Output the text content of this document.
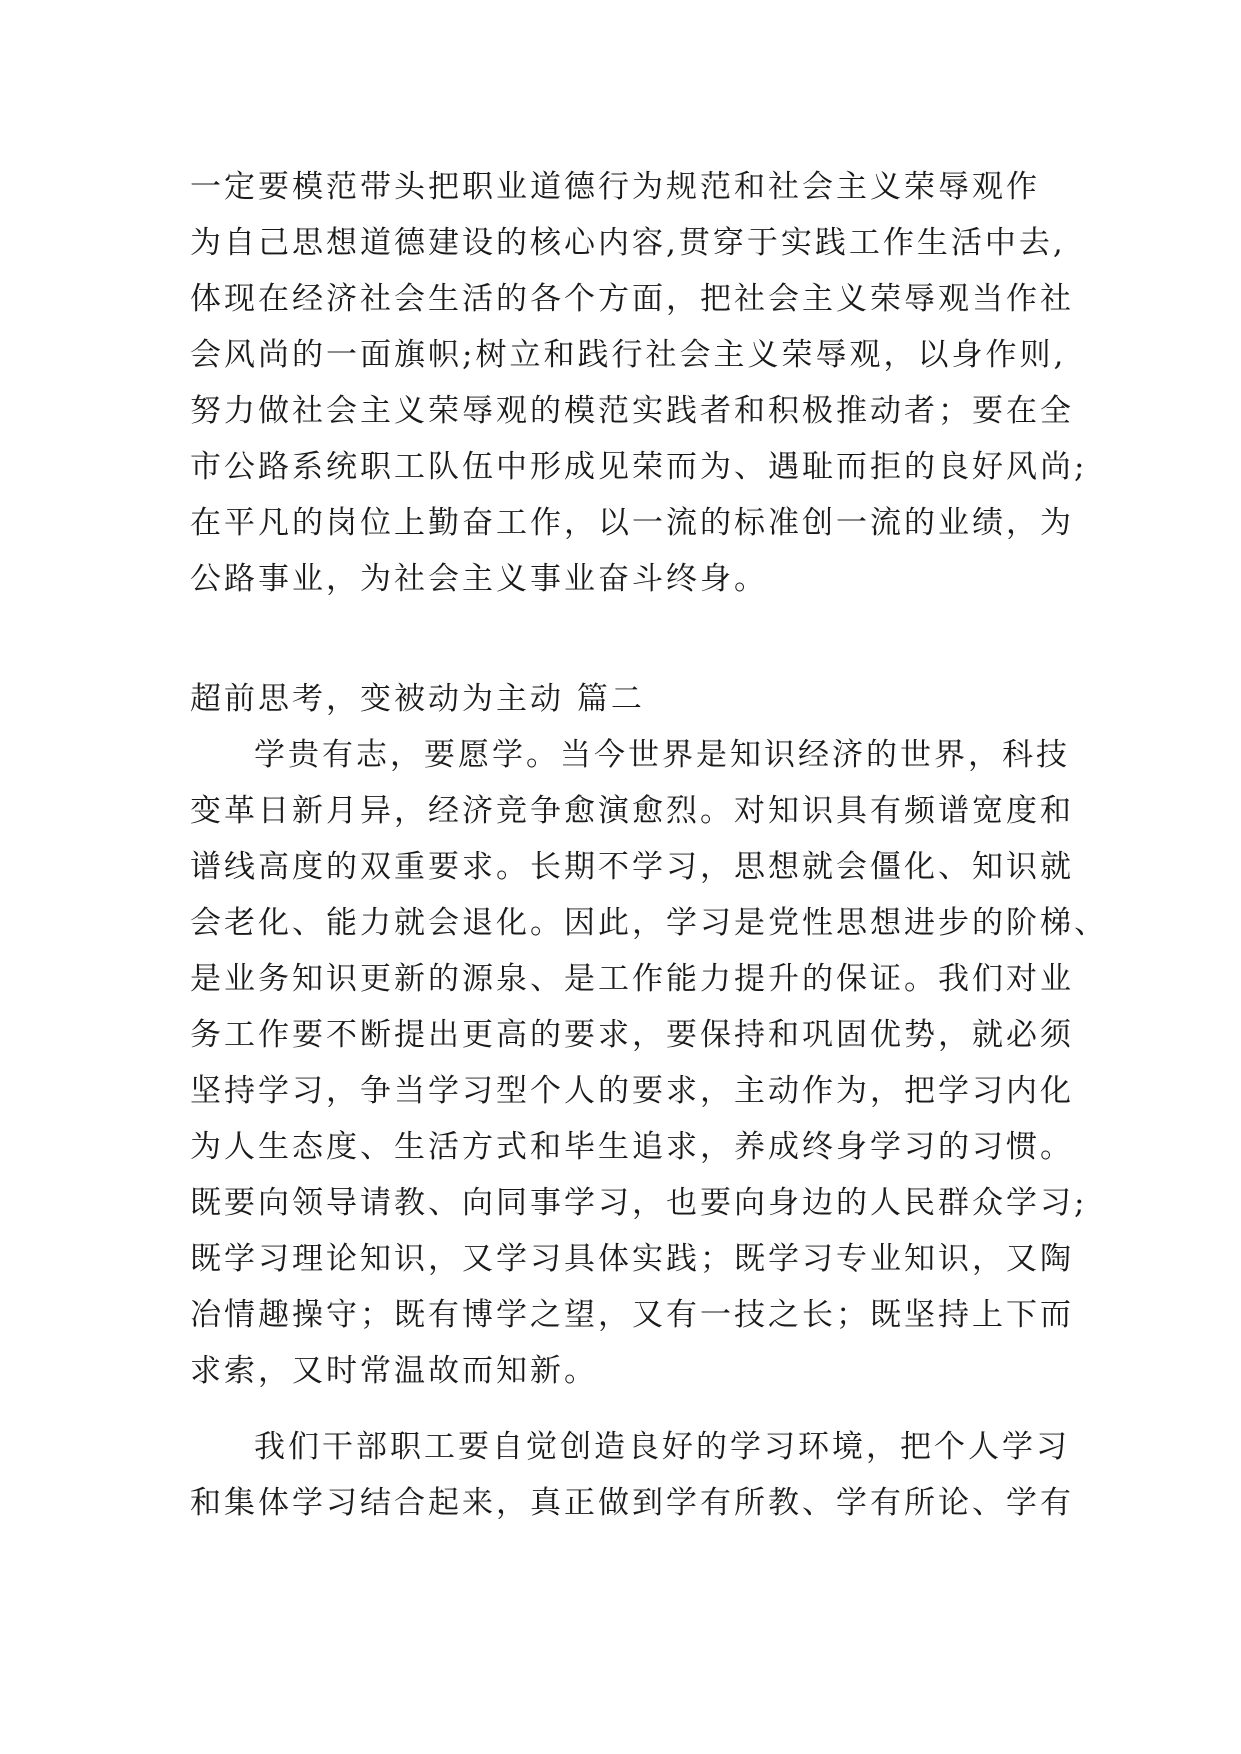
一定要模范带头把职业道德行为规范和社会主义荣辱观作
为自己思想道德建设的核心内容,贯穿于实践工作生活中去,
体现在经济社会生活的各个方面，把社会主义荣辱观当作社
会风尚的一面旗帜;树立和践行社会主义荣辱观，以身作则,
努力做社会主义荣辱观的模范实践者和积极推动者；要在全
市公路系统职工队伍中形成见荣而为、遇耻而拒的良好风尚;
在平凡的岗位上勤奋工作，以一流的标准创一流的业绩，为
公路事业，为社会主义事业奋斗终身。
超前思考，变被动为主动 篇二
学贵有志，要愿学。当今世界是知识经济的世界，科技
变革日新月异，经济竞争愈演愈烈。对知识具有频谱宽度和
谱线高度的双重要求。长期不学习，思想就会僵化、知识就
会老化、能力就会退化。因此，学习是党性思想进步的阶梯、
是业务知识更新的源泉、是工作能力提升的保证。我们对业
务工作要不断提出更高的要求，要保持和巩固优势，就必须
坚持学习，争当学习型个人的要求，主动作为，把学习内化
为人生态度、生活方式和毕生追求，养成终身学习的习惯。
既要向领导请教、向同事学习，也要向身边的人民群众学习;
既学习理论知识，又学习具体实践；既学习专业知识，又陶
冶情趣操守；既有博学之望，又有一技之长；既坚持上下而
求索，又时常温故而知新。
我们干部职工要自觉创造良好的学习环境，把个人学习
和集体学习结合起来，真正做到学有所教、学有所论、学有
